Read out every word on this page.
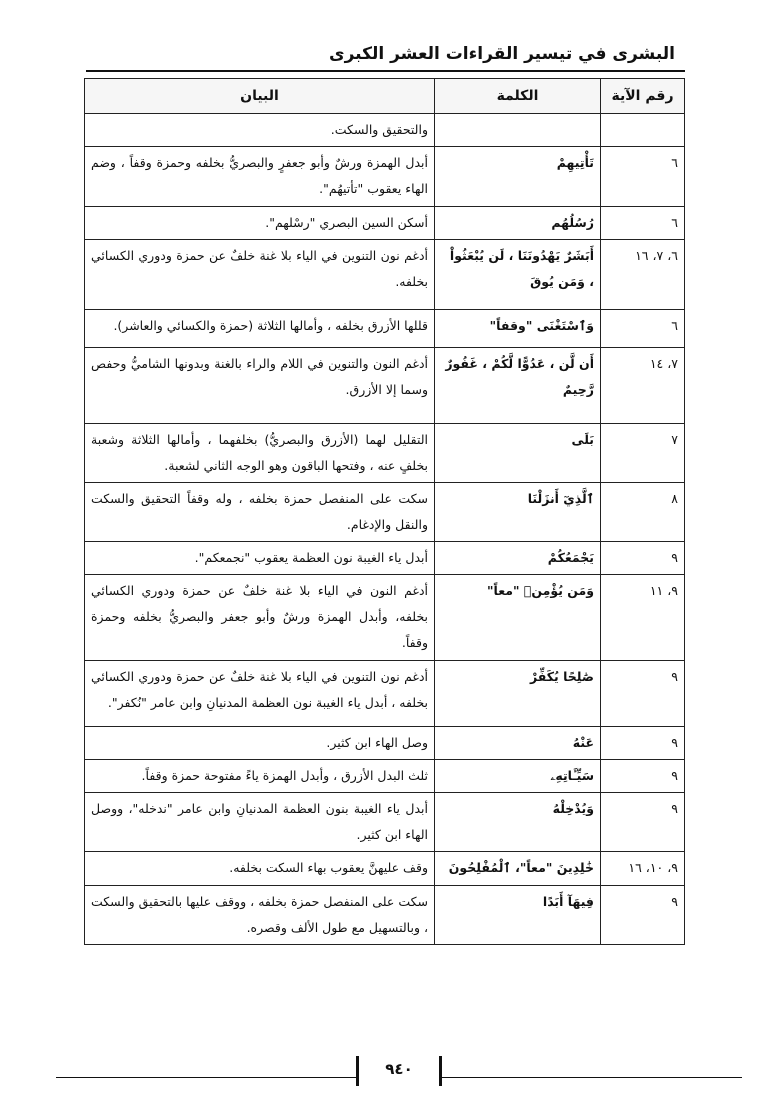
البشرى في تيسير القراءات العشر الكبرى
رقم الآية	الكلمة	البيان
		والتحقيق والسكت.
٦	تَأْتِيهِمْ	أبدل الهمزة ورشٌ وأبو جعفرٍ والبصريُّ بخلفه وحمزة وقفاً ، وضم الهاء يعقوب "تأتيهُم".
٦	رُسُلُهُم	أسكن السين البصري "رسْلهم".
٦، ٧، ١٦	أَبَشَرٌ يَهْدُونَنَا ، لَن يُبْعَثُواْ ، وَمَن يُوقَ	أدغم نون التنوين في الياء بلا غنة خلفٌ عن حمزة ودوري الكسائي بخلفه.
٦	وَٱسْتَغْنَى "وقفاً"	قللها الأزرق بخلفه ، وأمالها الثلاثة (حمزة والكسائي والعاشر).
٧، ١٤	أَن لَّن ، عَدُوًّا لَّكُمْ ، غَفُورٌ رَّحِيمٌ	أدغم النون والتنوين في اللام والراء بالغنة وبدونها الشاميُّ وحفص وسما إلا الأزرق.
٧	بَلَى	التقليل لهما (الأزرق والبصريُّ) بخلفهما ، وأمالها الثلاثة وشعبة بخلفٍ عنه ، وفتحها الباقون وهو الوجه الثاني لشعبة.
٨	ٱلَّذِيٓ أَنزَلْنَا	سكت على المنفصل حمزة بخلفه ، وله وقفاً التحقيق والسكت والنقل والإدغام.
٩	يَجْمَعُكُمْ	أبدل ياء الغيبة نون العظمة يعقوب "نجمعكم".
٩، ١١	وَمَن يُؤْمِنۢ "معاً"	أدغم النون في الياء بلا غنة خلفٌ عن حمزة ودوري الكسائي بخلفه، وأبدل الهمزة ورشٌ وأبو جعفر والبصريُّ بخلفه وحمزة وقفاً.
٩	صَٰلِحًا يُكَفِّرْ	أدغم نون التنوين في الياء بلا غنة خلفٌ عن حمزة ودوري الكسائي بخلفه ، أبدل ياء الغيبة نون العظمة المدنيانِ وابن عامر "نُكفر".
٩	عَنْهُ	وصل الهاء ابن كثير.
٩	سَيِّـَٔاتِهِۦ	ثلث البدل الأزرق ، وأبدل الهمزة ياءً مفتوحة حمزة وقفاً.
٩	وَيُدْخِلْهُ	أبدل ياء الغيبة بنون العظمة المدنيانِ وابن عامر "ندخله"، ووصل الهاء ابن كثير.
٩، ١٠، ١٦	خَٰلِدِينَ "معاً"، ٱلْمُفْلِحُونَ	وقف عليهنَّ يعقوب بهاء السكت بخلفه.
٩	فِيهَآ أَبَدًا	سكت على المنفصل حمزة بخلفه ، ووقف عليها بالتحقيق والسكت ، وبالتسهيل مع طول الألف وقصره.
٩٤٠
